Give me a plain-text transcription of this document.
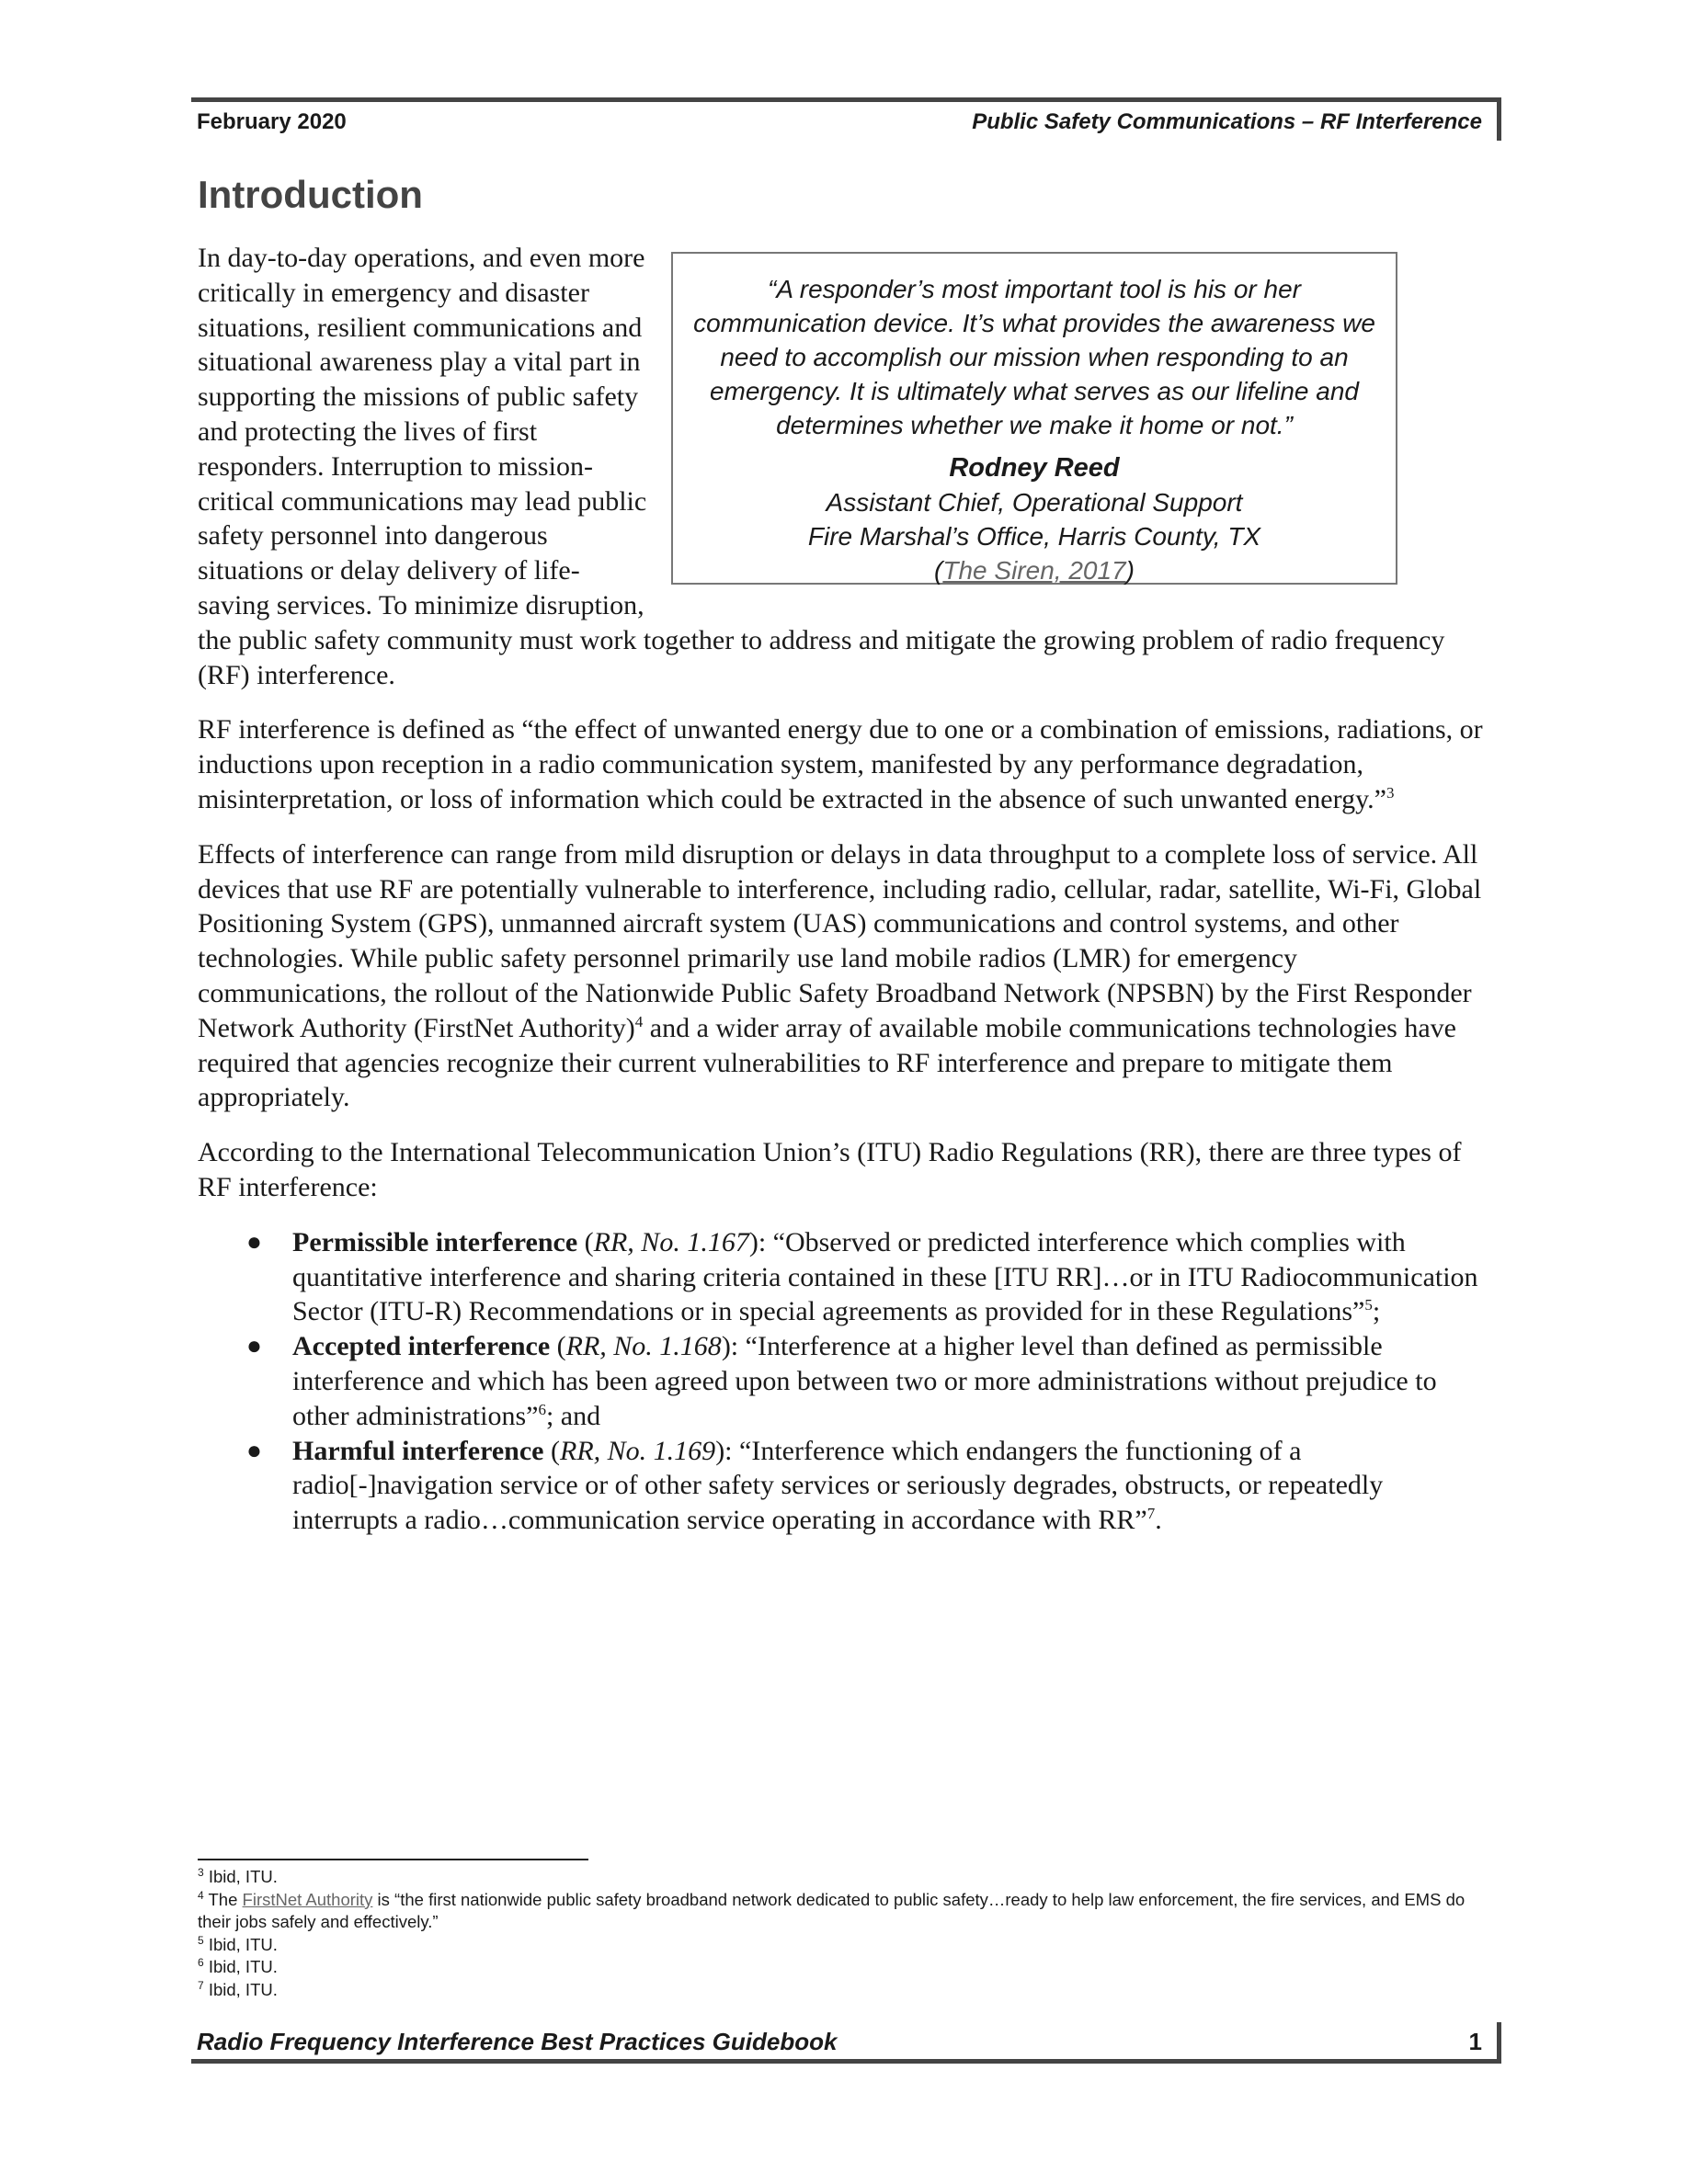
February 2020	Public Safety Communications – RF Interference
Introduction
“A responder’s most important tool is his or her communication device. It’s what provides the awareness we need to accomplish our mission when responding to an emergency. It is ultimately what serves as our lifeline and determines whether we make it home or not.”
Rodney Reed
Assistant Chief, Operational Support
Fire Marshal’s Office, Harris County, TX
(The Siren, 2017)

In day-to-day operations, and even more critically in emergency and disaster situations, resilient communications and situational awareness play a vital part in supporting the missions of public safety and protecting the lives of first responders. Interruption to mission-critical communications may lead public safety personnel into dangerous situations or delay delivery of life-saving services. To minimize disruption, the public safety community must work together to address and mitigate the growing problem of radio frequency (RF) interference.

RF interference is defined as “the effect of unwanted energy due to one or a combination of emissions, radiations, or inductions upon reception in a radio communication system, manifested by any performance degradation, misinterpretation, or loss of information which could be extracted in the absence of such unwanted energy.”$^3$

Effects of interference can range from mild disruption or delays in data throughput to a complete loss of service. All devices that use RF are potentially vulnerable to interference, including radio, cellular, radar, satellite, Wi-Fi, Global Positioning System (GPS), unmanned aircraft system (UAS) communications and control systems, and other technologies. While public safety personnel primarily use land mobile radios (LMR) for emergency communications, the rollout of the Nationwide Public Safety Broadband Network (NPSBN) by the First Responder Network Authority (FirstNet Authority)$^4$ and a wider array of available mobile communications technologies have required that agencies recognize their current vulnerabilities to RF interference and prepare to mitigate them appropriately.

According to the International Telecommunication Union’s (ITU) Radio Regulations (RR), there are three types of RF interference:

● Permissible interference (RR, No. 1.167): “Observed or predicted interference which complies with quantitative interference and sharing criteria contained in these [ITU RR]…or in ITU Radiocommunication Sector (ITU-R) Recommendations or in special agreements as provided for in these Regulations”$^5$;
● Accepted interference (RR, No. 1.168): “Interference at a higher level than defined as permissible interference and which has been agreed upon between two or more administrations without prejudice to other administrations”$^6$; and
● Harmful interference (RR, No. 1.169): “Interference which endangers the functioning of a radio[-]navigation service or of other safety services or seriously degrades, obstructs, or repeatedly interrupts a radio…communication service operating in accordance with RR”$^7$.
$^3$ Ibid, ITU.
$^4$ The FirstNet Authority is “the first nationwide public safety broadband network dedicated to public safety…ready to help law enforcement, the fire services, and EMS do their jobs safely and effectively.”
$^5$ Ibid, ITU.
$^6$ Ibid, ITU.
$^7$ Ibid, ITU.
Radio Frequency Interference Best Practices Guidebook	1
